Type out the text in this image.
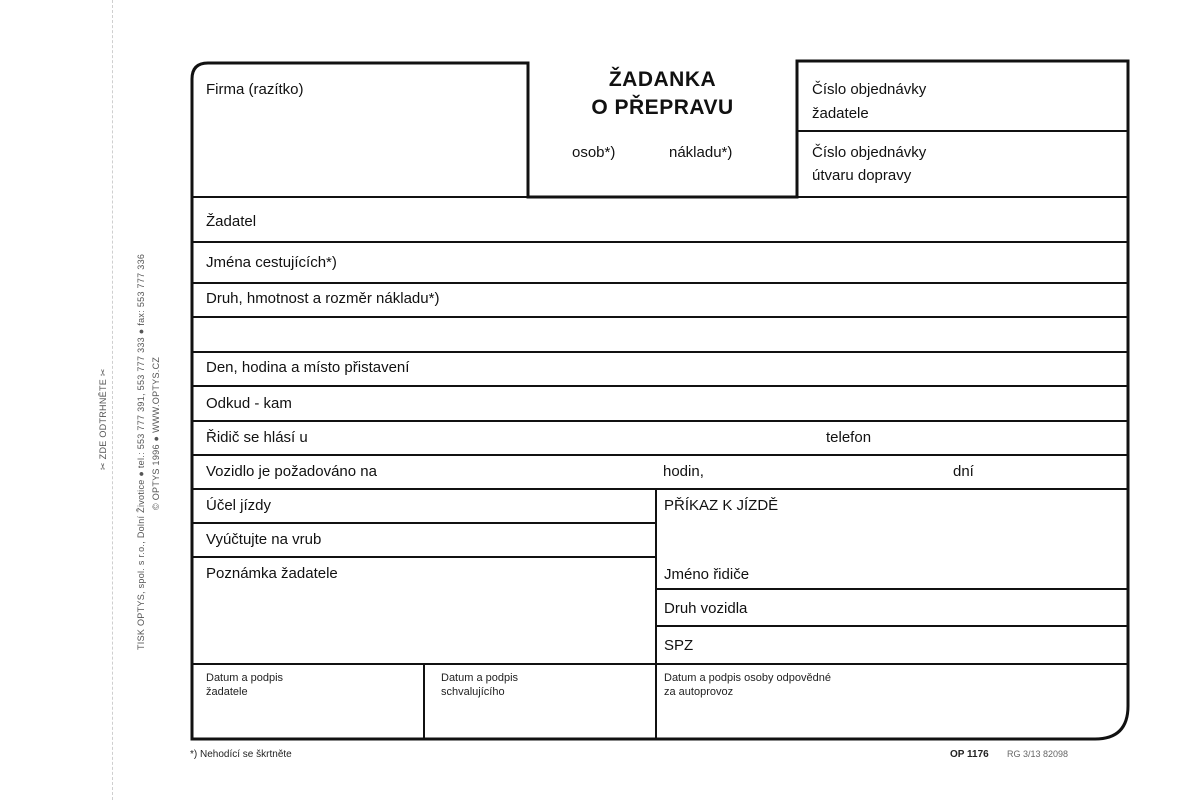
✂ ZDE ODTRHNĚTE ✂	TISK OPTYS, spol. s r.o., Dolní Životice ● tel.: 553 777 391, 553 777 333 ● fax: 553 777 336 © OPTYS 1996 ● WWW.OPTYS.CZ
Firma (razítko)	ŽADANKA
O PŘEPRAVU
osob*)	nákladu*)
Číslo objednávky
žadatele
Číslo objednávky
útvaru dopravy
Žadatel
Jména cestujících*)
Druh, hmotnost a rozměr nákladu*)
Den, hodina a místo přistavení
Odkud - kam
Řidič se hlásí u	telefon
Vozidlo je požadováno na	hodin,	dní
Účel jízdy
Vyúčtujte na vrub
Poznámka žadatele
PŘÍKAZ K JÍZDĚ
Jméno řidiče
Druh vozidla
SPZ
Datum a podpis
žadatele
Datum a podpis
schvalujícího
Datum a podpis osoby odpovědné
za autoprovoz
*) Nehodící se škrtněte	OP 1176 RG 3/13 82098
